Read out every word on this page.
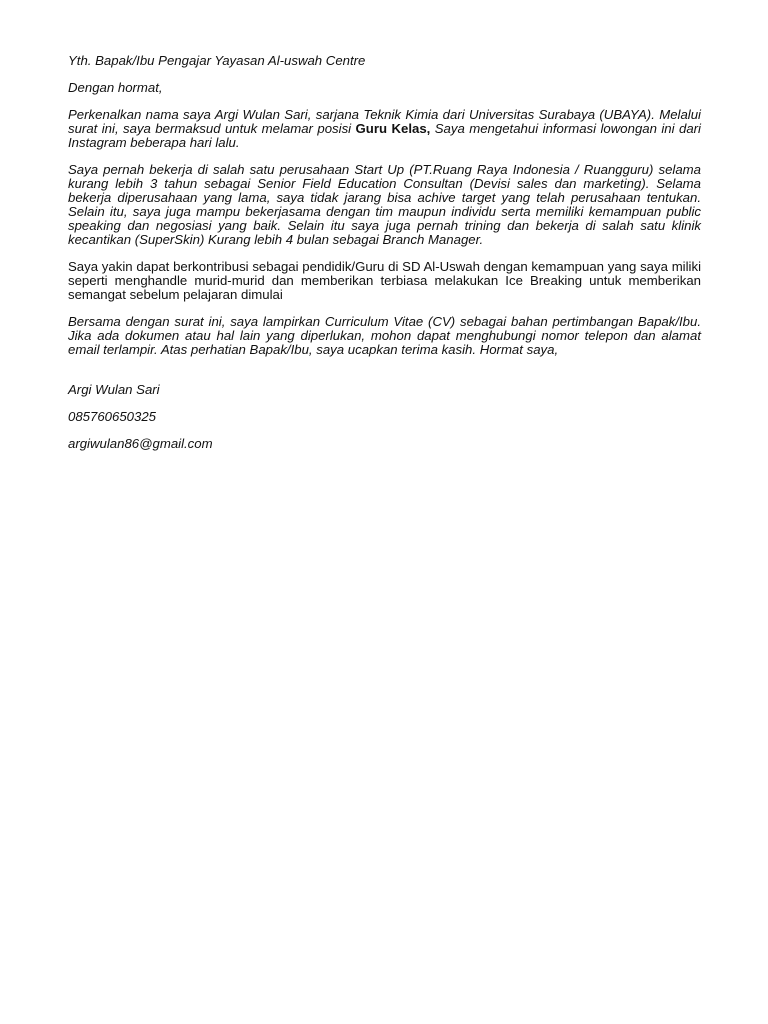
Yth. Bapak/Ibu Pengajar Yayasan Al-uswah Centre

Dengan hormat,

Perkenalkan nama saya Argi Wulan Sari, sarjana Teknik Kimia dari Universitas Surabaya (UBAYA). Melalui surat ini, saya bermaksud untuk melamar posisi Guru Kelas, Saya mengetahui informasi lowongan ini dari Instagram beberapa hari lalu.

Saya pernah bekerja di salah satu perusahaan Start Up (PT.Ruang Raya Indonesia / Ruangguru) selama kurang lebih 3 tahun sebagai Senior Field Education Consultan (Devisi sales dan marketing). Selama bekerja diperusahaan yang lama, saya tidak jarang bisa achive target yang telah perusahaan tentukan. Selain itu, saya juga mampu bekerjasama dengan tim maupun individu serta memiliki kemampuan public speaking dan negosiasi yang baik. Selain itu saya juga pernah trining dan bekerja di salah satu klinik kecantikan (SuperSkin) Kurang lebih 4 bulan sebagai Branch Manager.

Saya yakin dapat berkontribusi sebagai pendidik/Guru di SD Al-Uswah dengan kemampuan yang saya miliki seperti menghandle murid-murid dan memberikan terbiasa melakukan Ice Breaking untuk memberikan semangat sebelum pelajaran dimulai

Bersama dengan surat ini, saya lampirkan Curriculum Vitae (CV) sebagai bahan pertimbangan Bapak/Ibu. Jika ada dokumen atau hal lain yang diperlukan, mohon dapat menghubungi nomor telepon dan alamat email terlampir. Atas perhatian Bapak/Ibu, saya ucapkan terima kasih. Hormat saya,

Argi Wulan Sari

085760650325

argiwulan86@gmail.com
